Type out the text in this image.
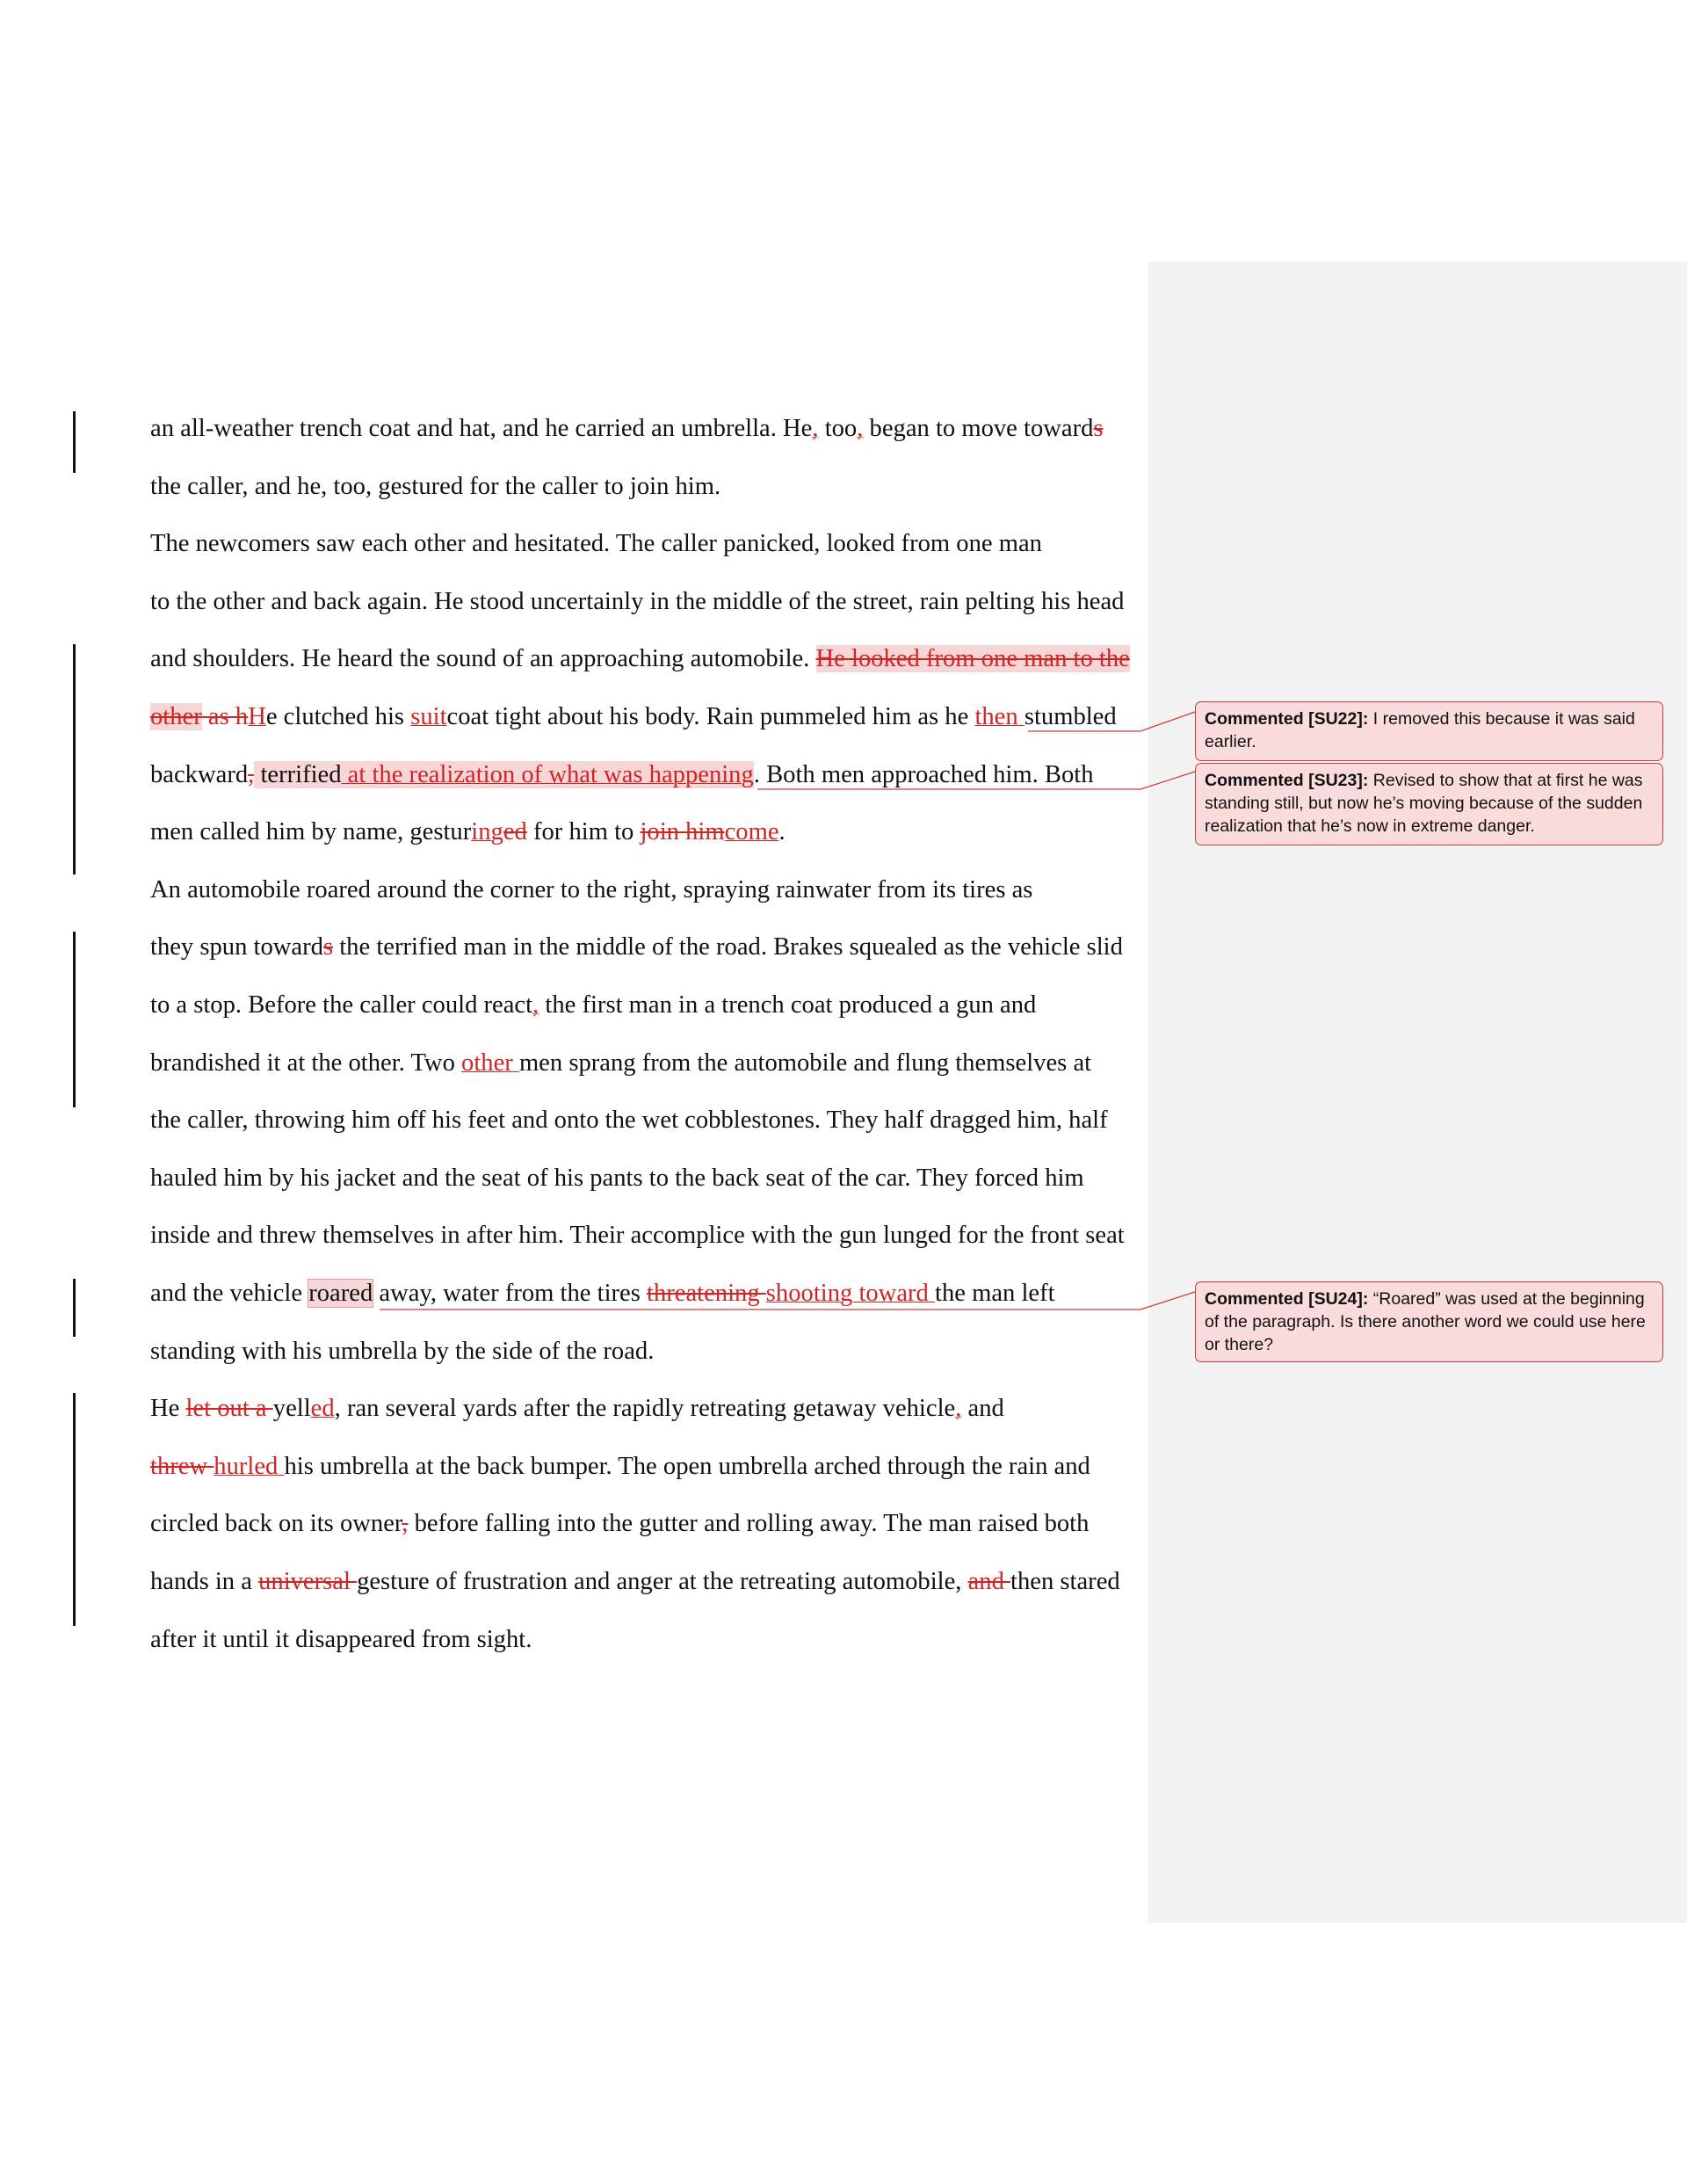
an all-weather trench coat and hat, and he carried an umbrella. He, too, began to move towards
the caller, and he, too, gestured for the caller to join him.
The newcomers saw each other and hesitated. The caller panicked, looked from one man
to the other and back again. He stood uncertainly in the middle of the street, rain pelting his head
and shoulders. He heard the sound of an approaching automobile. He looked from one man to the
other as hHe clutched his suitcoat tight about his body. Rain pummeled him as he then stumbled
backward, terrified at the realization of what was happening. Both men approached him. Both
men called him by name, gesturinged for him to join himcome.
An automobile roared around the corner to the right, spraying rainwater from its tires as
they spun towards the terrified man in the middle of the road. Brakes squealed as the vehicle slid
to a stop. Before the caller could react, the first man in a trench coat produced a gun and
brandished it at the other. Two other men sprang from the automobile and flung themselves at
the caller, throwing him off his feet and onto the wet cobblestones. They half dragged him, half
hauled him by his jacket and the seat of his pants to the back seat of the car. They forced him
inside and threw themselves in after him. Their accomplice with the gun lunged for the front seat
and the vehicle roared away, water from the tires threatening shooting toward the man left
standing with his umbrella by the side of the road.
He let out a yelled, ran several yards after the rapidly retreating getaway vehicle, and
threw hurled his umbrella at the back bumper. The open umbrella arched through the rain and
circled back on its owner, before falling into the gutter and rolling away. The man raised both
hands in a universal gesture of frustration and anger at the retreating automobile, and then stared
after it until it disappeared from sight.
Commented [SU22]: I removed this because it was said earlier.
Commented [SU23]: Revised to show that at first he was standing still, but now he’s moving because of the sudden realization that he’s now in extreme danger.
Commented [SU24]: “Roared” was used at the beginning of the paragraph. Is there another word we could use here or there?
